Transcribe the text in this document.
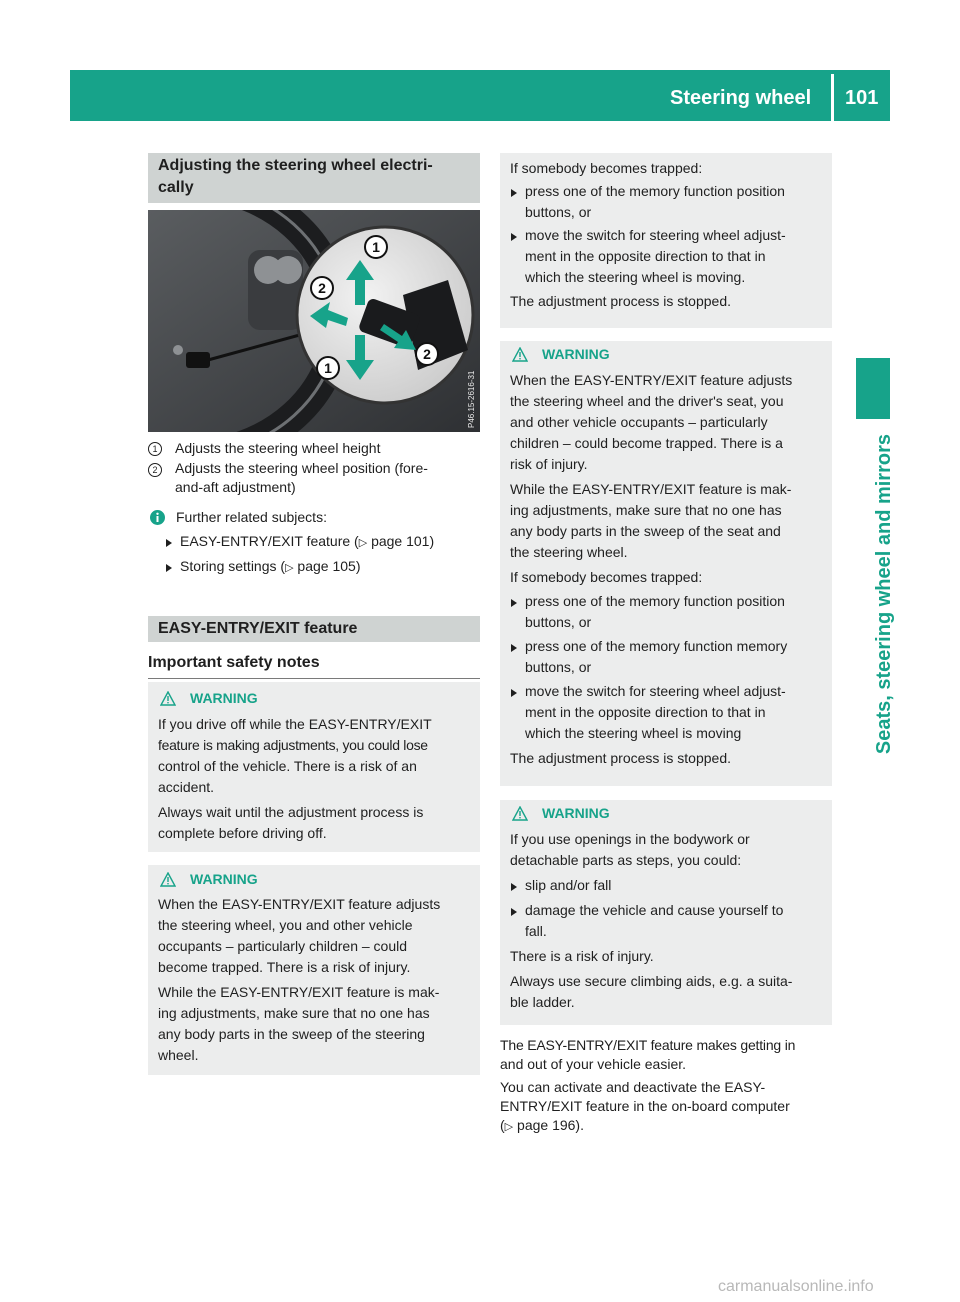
Steering wheel 101
Seats, steering wheel and mirrors
Adjusting the steering wheel electri-
cally
1
2
2
1
P46.15-2616-31
1	Adjusts the steering wheel height
2	Adjusts the steering wheel position (fore-
and-aft adjustment)
Further related subjects:
EASY-ENTRY/EXIT feature (▷ page 101)
Storing settings (▷ page 105)
EASY-ENTRY/EXIT feature
Important safety notes
WARNING
If you drive off while the EASY-ENTRY/EXIT
feature is making adjustments, you could lose
control of the vehicle. There is a risk of an
accident.
Always wait until the adjustment process is
complete before driving off.
WARNING
When the EASY-ENTRY/EXIT feature adjusts
the steering wheel, you and other vehicle
occupants – particularly children – could
become trapped. There is a risk of injury.
While the EASY-ENTRY/EXIT feature is mak-
ing adjustments, make sure that no one has
any body parts in the sweep of the steering
wheel.
If somebody becomes trapped:
press one of the memory function position
buttons, or
move the switch for steering wheel adjust-
ment in the opposite direction to that in
which the steering wheel is moving.
The adjustment process is stopped.
WARNING
When the EASY-ENTRY/EXIT feature adjusts
the steering wheel and the driver's seat, you
and other vehicle occupants – particularly
children – could become trapped. There is a
risk of injury.
While the EASY-ENTRY/EXIT feature is mak-
ing adjustments, make sure that no one has
any body parts in the sweep of the seat and
the steering wheel.
If somebody becomes trapped:
press one of the memory function position
buttons, or
press one of the memory function memory
buttons, or
move the switch for steering wheel adjust-
ment in the opposite direction to that in
which the steering wheel is moving
The adjustment process is stopped.
WARNING
If you use openings in the bodywork or
detachable parts as steps, you could:
slip and/or fall
damage the vehicle and cause yourself to
fall.
There is a risk of injury.
Always use secure climbing aids, e.g. a suita-
ble ladder.
The EASY-ENTRY/EXIT feature makes getting in
and out of your vehicle easier.
You can activate and deactivate the EASY-
ENTRY/EXIT feature in the on-board computer
(▷ page 196).
carmanualsonline.info
